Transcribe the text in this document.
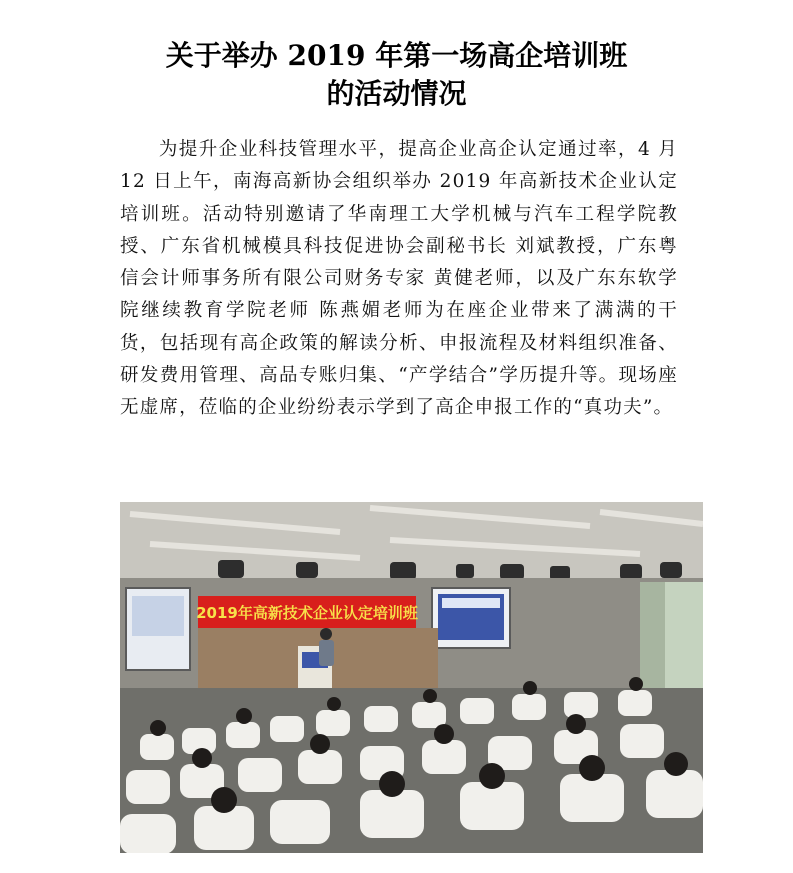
关于举办 2019 年第一场高企培训班
的活动情况

为提升企业科技管理水平，提高企业高企认定通过率，4 月 12 日上午，南海高新协会组织举办 2019 年高新技术企业认定培训班。活动特别邀请了华南理工大学机械与汽车工程学院教授、广东省机械模具科技促进协会副秘书长 刘斌教授，广东粤信会计师事务所有限公司财务专家 黄健老师，以及广东东软学院继续教育学院老师 陈燕媚老师为在座企业带来了满满的干货，包括现有高企政策的解读分析、申报流程及材料组织准备、研发费用管理、高品专账归集、“产学结合”学历提升等。现场座无虚席，莅临的企业纷纷表示学到了高企申报工作的“真功夫”。

2019年高新技术企业认定培训班
